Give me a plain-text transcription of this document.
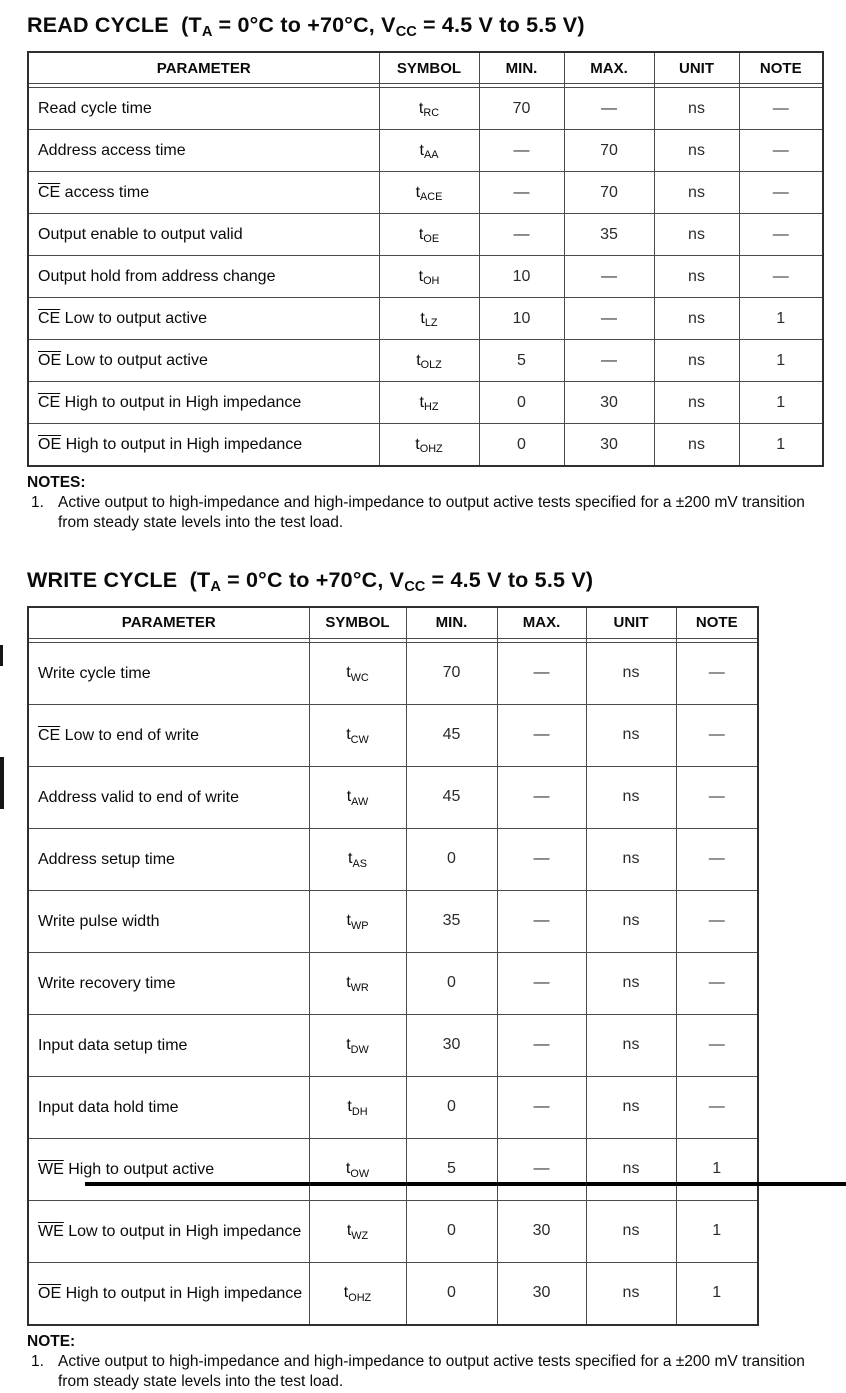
READ CYCLE  ($T_A = 0^\circ C$ to +70°C, $V_{CC} = 4.5$ V to 5.5 V)
PARAMETER	SYMBOL	MIN.	MAX.	UNIT	NOTE

Read cycle time	$t_{RC}$	70	—	ns	—
Address access time	$t_{AA}$	—	70	ns	—
$\overline{CE}$ access time	$t_{ACE}$	—	70	ns	—
Output enable to output valid	$t_{OE}$	—	35	ns	—
Output hold from address change	$t_{OH}$	10	—	ns	—
$\overline{CE}$ Low to output active	$t_{LZ}$	10	—	ns	1
$\overline{OE}$ Low to output active	$t_{OLZ}$	5	—	ns	1
$\overline{CE}$ High to output in High impedance	$t_{HZ}$	0	30	ns	1
$\overline{OE}$ High to output in High impedance	$t_{OHZ}$	0	30	ns	1
NOTES:
1. Active output to high-impedance and high-impedance to output active tests specified for a ±200 mV transition from steady state levels into the test load.
WRITE CYCLE  ($T_A = 0^\circ C$ to +70°C, $V_{CC} = 4.5$ V to 5.5 V)
PARAMETER	SYMBOL	MIN.	MAX.	UNIT	NOTE

Write cycle time	$t_{WC}$	70	—	ns	—
$\overline{CE}$ Low to end of write	$t_{CW}$	45	—	ns	—
Address valid to end of write	$t_{AW}$	45	—	ns	—
Address setup time	$t_{AS}$	0	—	ns	—
Write pulse width	$t_{WP}$	35	—	ns	—
Write recovery time	$t_{WR}$	0	—	ns	—
Input data setup time	$t_{DW}$	30	—	ns	—
Input data hold time	$t_{DH}$	0	—	ns	—
$\overline{WE}$ High to output active	$t_{OW}$	5	—	ns	1
$\overline{WE}$ Low to output in High impedance	$t_{WZ}$	0	30	ns	1
$\overline{OE}$ High to output in High impedance	$t_{OHZ}$	0	30	ns	1
NOTE:
1. Active output to high-impedance and high-impedance to output active tests specified for a ±200 mV transition from steady state levels into the test load.
